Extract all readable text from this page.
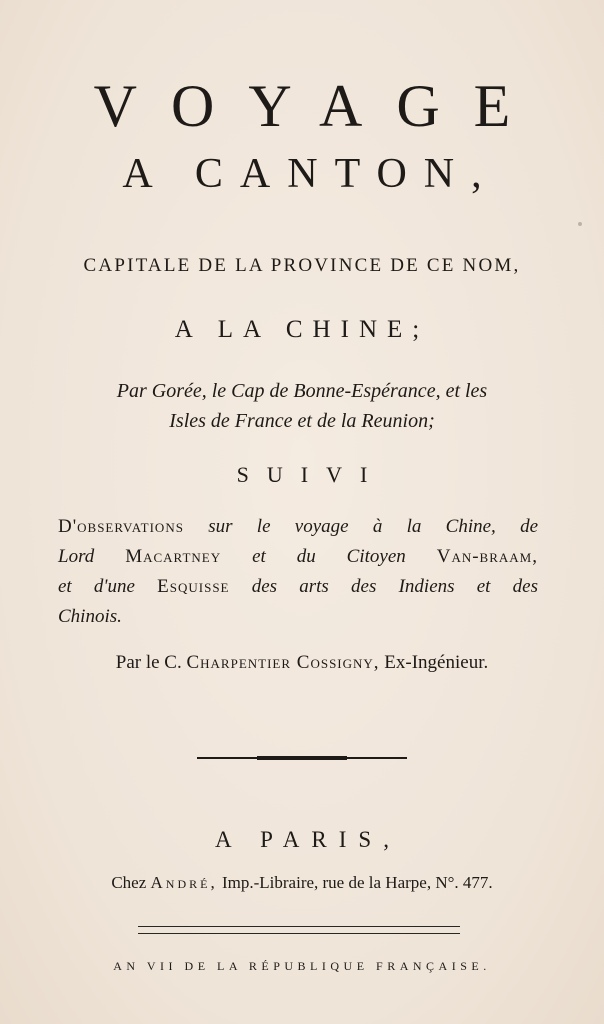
VOYAGE
A CANTON,
CAPITALE DE LA PROVINCE DE CE NOM,
A LA CHINE;
Par Gorée, le Cap de Bonne-Espérance, et les
Isles de France et de la Reunion;
SUIVI
D'observations sur le voyage à la Chine, de
Lord Macartney et du Citoyen Van-braam,
et d'une Esquisse des arts des Indiens et des
Chinois.
Par le C. Charpentier Cossigny, Ex-Ingénieur.
A PARIS,
Chez André, Imp.-Libraire, rue de la Harpe, N°. 477.
AN VII DE LA RÉPUBLIQUE FRANÇAISE.
